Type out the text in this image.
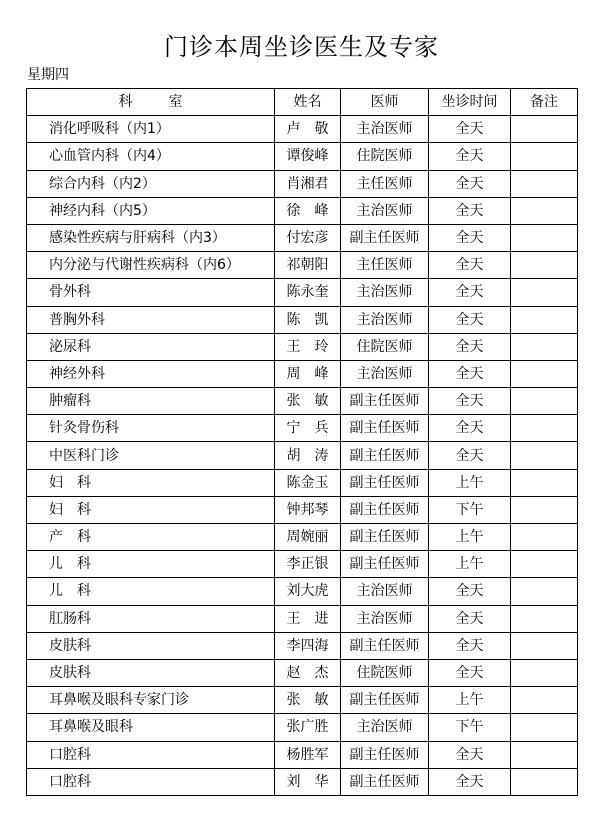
门诊本周坐诊医生及专家
星期四
科 室	姓名	医师	坐诊时间	备注
消化呼吸科（内1）	卢　敬	主治医师	全天	
心血管内科（内4）	谭俊峰	住院医师	全天	
综合内科（内2）	肖湘君	主任医师	全天	
神经内科（内5）	徐　峰	主治医师	全天	
感染性疾病与肝病科（内3）	付宏彦	副主任医师	全天	
内分泌与代谢性疾病科（内6）	祁朝阳	主任医师	全天	
骨外科	陈永奎	主治医师	全天	
普胸外科	陈　凯	主治医师	全天	
泌尿科	王　玲	住院医师	全天	
神经外科	周　峰	主治医师	全天	
肿瘤科	张　敏	副主任医师	全天	
针灸骨伤科	宁　兵	副主任医师	全天	
中医科门诊	胡　涛	副主任医师	全天	
妇　科	陈金玉	副主任医师	上午	
妇　科	钟邦琴	副主任医师	下午	
产　科	周婉丽	副主任医师	上午	
儿　科	李正银	副主任医师	上午	
儿　科	刘大虎	主治医师	全天	
肛肠科	王　进	主治医师	全天	
皮肤科	李四海	副主任医师	全天	
皮肤科	赵　杰	住院医师	全天	
耳鼻喉及眼科专家门诊	张　敏	副主任医师	上午	
耳鼻喉及眼科	张广胜	主治医师	下午	
口腔科	杨胜军	副主任医师	全天	
口腔科	刘　华	副主任医师	全天	
